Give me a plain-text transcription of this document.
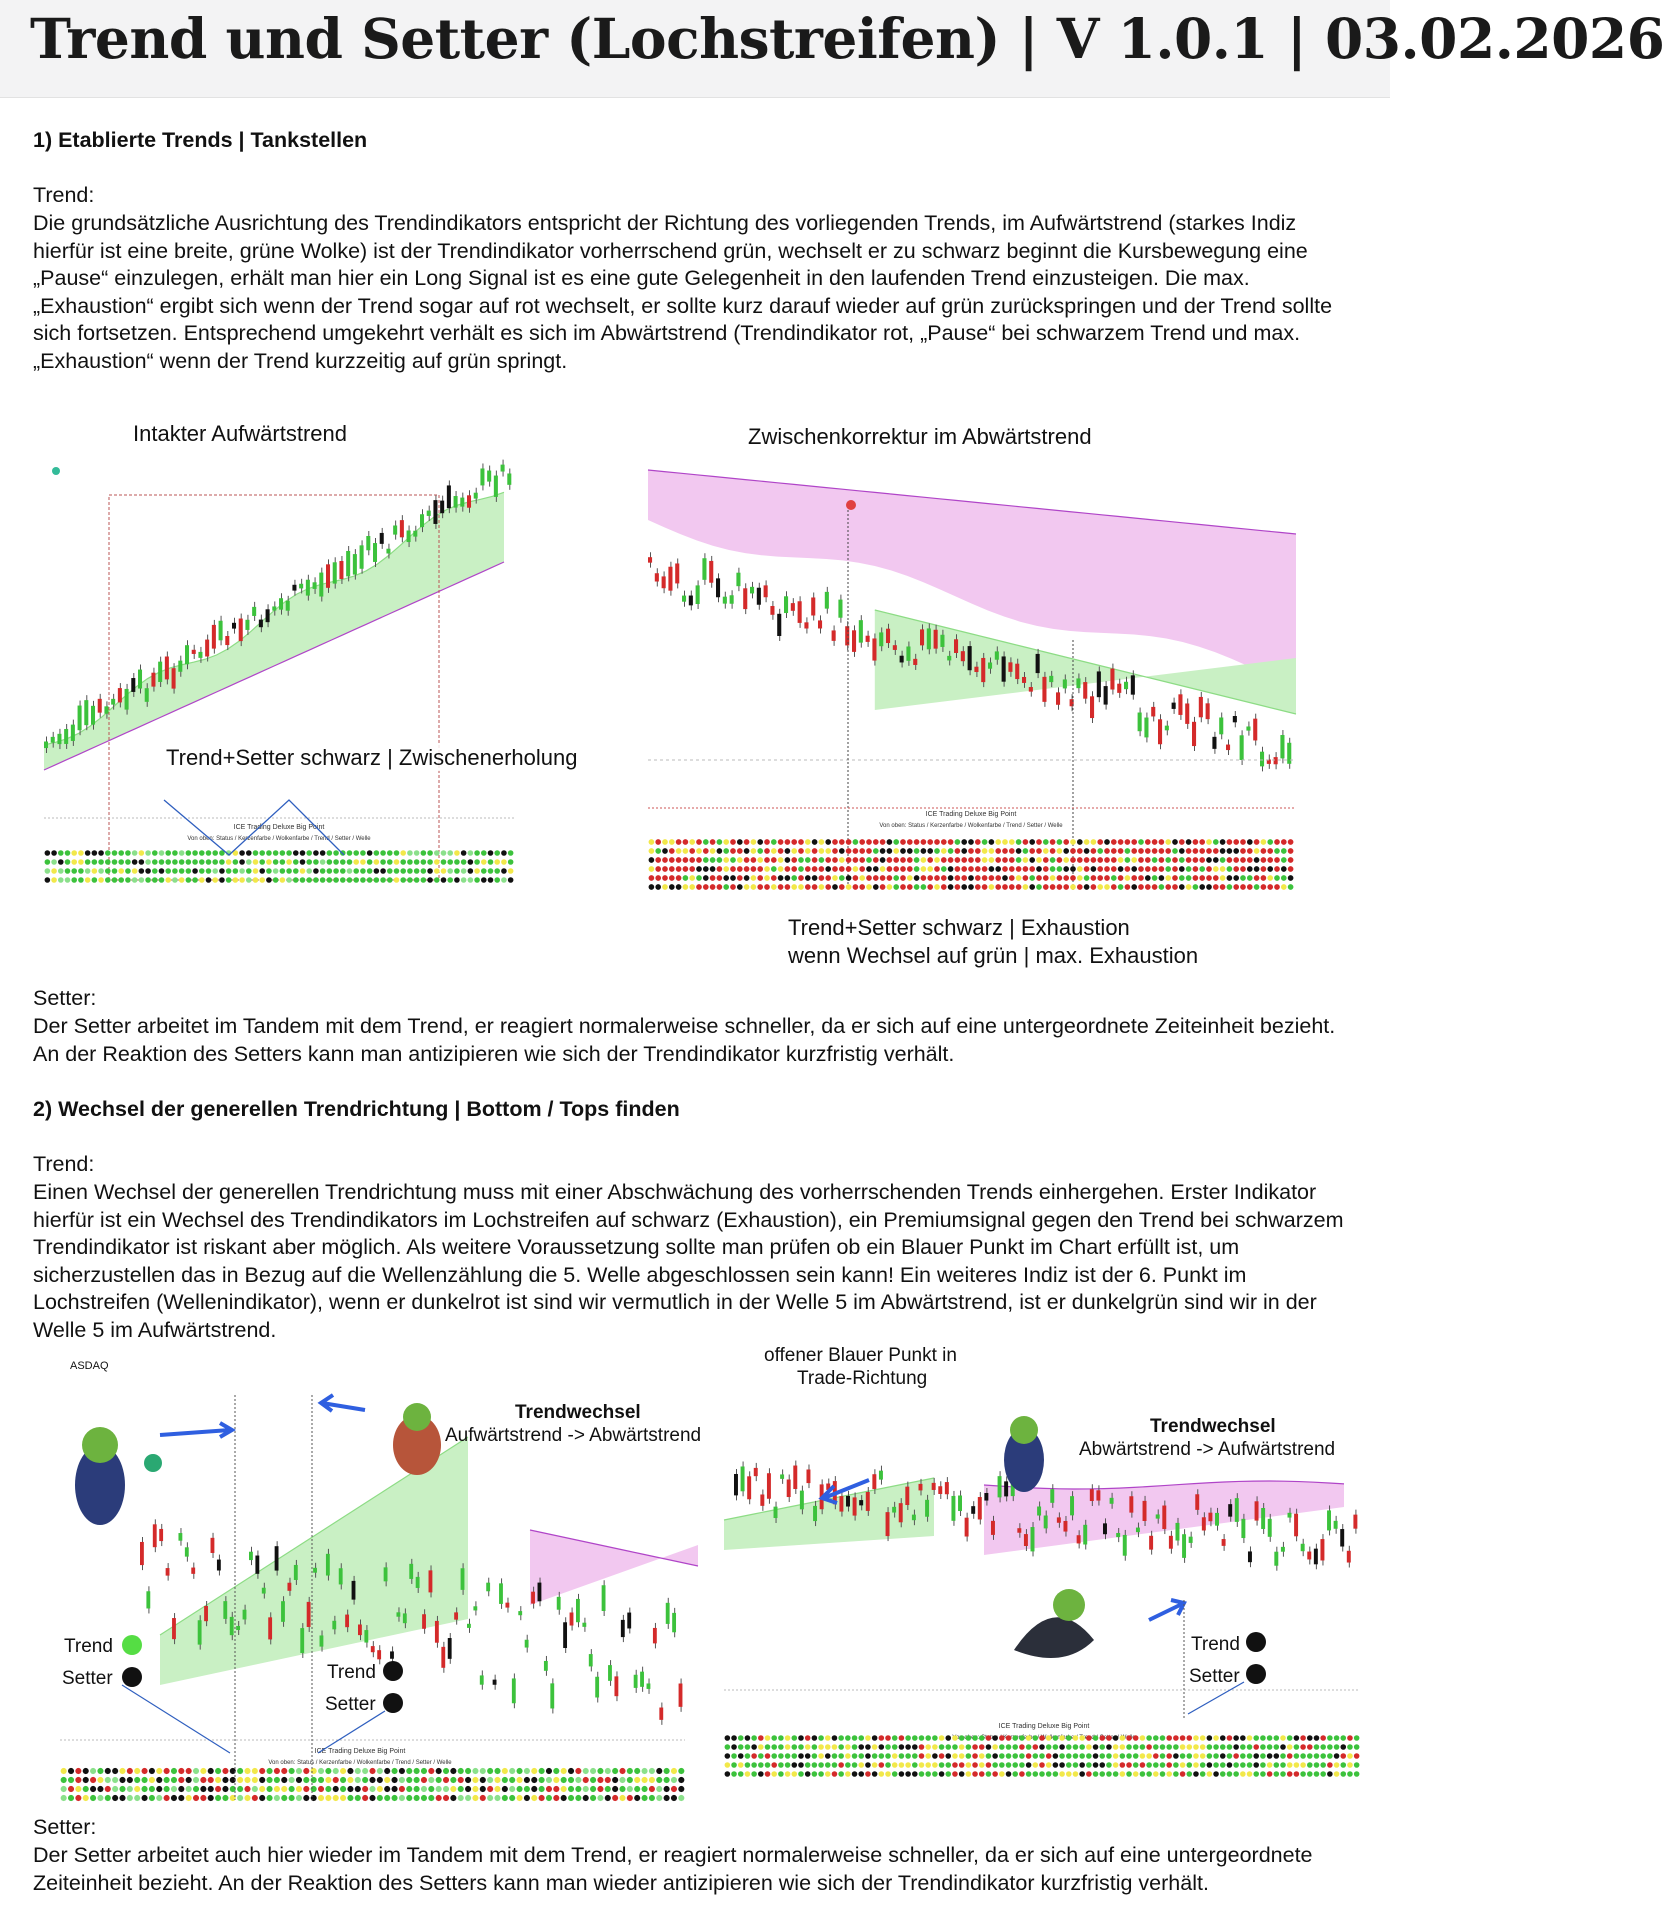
Trend und Setter (Lochstreifen) | V 1.0.1 | 03.02.2026
1) Etablierte Trends | Tankstellen
Trend:
Die grundsätzliche Ausrichtung des Trendindikators entspricht der Richtung des vorliegenden Trends, im Aufwärtstrend (starkes Indiz hierfür ist eine breite, grüne Wolke) ist der Trendindikator vorherrschend grün, wechselt er zu schwarz beginnt die Kursbewegung eine „Pause“ einzulegen, erhält man hier ein Long Signal ist es eine gute Gelegenheit in den laufenden Trend einzusteigen. Die max. „Exhaustion“ ergibt sich wenn der Trend sogar auf rot wechselt, er sollte kurz darauf wieder auf grün zurückspringen und der Trend sollte sich fortsetzen. Entsprechend umgekehrt verhält es sich im Abwärtstrend (Trendindikator rot, „Pause“ bei schwarzem Trend und max. „Exhaustion“ wenn der Trend kurzzeitig auf grün springt.
Intakter Aufwärtstrend	Zwischenkorrektur im Abwärtstrend
ICE Trading Deluxe Big Point
Von oben: Status / Kerzenfarbe / Wolkenfarbe / Trend / Setter / Welle
Trend+Setter schwarz | Zwischenerholung
ICE Trading Deluxe Big Point
Von oben: Status / Kerzenfarbe / Wolkenfarbe / Trend / Setter / Welle
Trend+Setter schwarz | Exhaustion
wenn Wechsel auf grün | max. Exhaustion
Setter:
Der Setter arbeitet im Tandem mit dem Trend, er reagiert normalerweise schneller, da er sich auf eine untergeordnete Zeiteinheit bezieht. An der Reaktion des Setters kann man antizipieren wie sich der Trendindikator kurzfristig verhält.
2) Wechsel der generellen Trendrichtung | Bottom / Tops finden
Trend:
Einen Wechsel der generellen Trendrichtung muss mit einer Abschwächung des vorherrschenden Trends einhergehen. Erster Indikator hierfür ist ein Wechsel des Trendindikators im Lochstreifen auf schwarz (Exhaustion), ein Premiumsignal gegen den Trend bei schwarzem Trendindikator ist riskant aber möglich. Als weitere Voraussetzung sollte man prüfen ob ein Blauer Punkt im Chart erfüllt ist, um sicherzustellen das in Bezug auf die Wellenzählung die 5. Welle abgeschlossen sein kann! Ein weiteres Indiz ist der 6. Punkt im Lochstreifen (Wellenindikator), wenn er dunkelrot ist sind wir vermutlich in der Welle 5 im Abwärtstrend, ist er dunkelgrün sind wir in der Welle 5 im Aufwärtstrend.
ICE Trading Deluxe Big Point
Von oben: Status / Kerzenfarbe / Wolkenfarbe / Trend / Setter / Welle
ASDAQ
Trendwechsel
Aufwärtstrend -> Abwärtstrend
Trend
Setter	Trend
Setter
ICE Trading Deluxe Big Point
oben: /
offener Blauer Punkt in
Trade-Richtung
Trendwechsel
Abwärtstrend -> Aufwärtstrend
Trend
Setter
Setter:
Der Setter arbeitet auch hier wieder im Tandem mit dem Trend, er reagiert normalerweise schneller, da er sich auf eine untergeordnete Zeiteinheit bezieht. An der Reaktion des Setters kann man wieder antizipieren wie sich der Trendindikator kurzfristig verhält.
